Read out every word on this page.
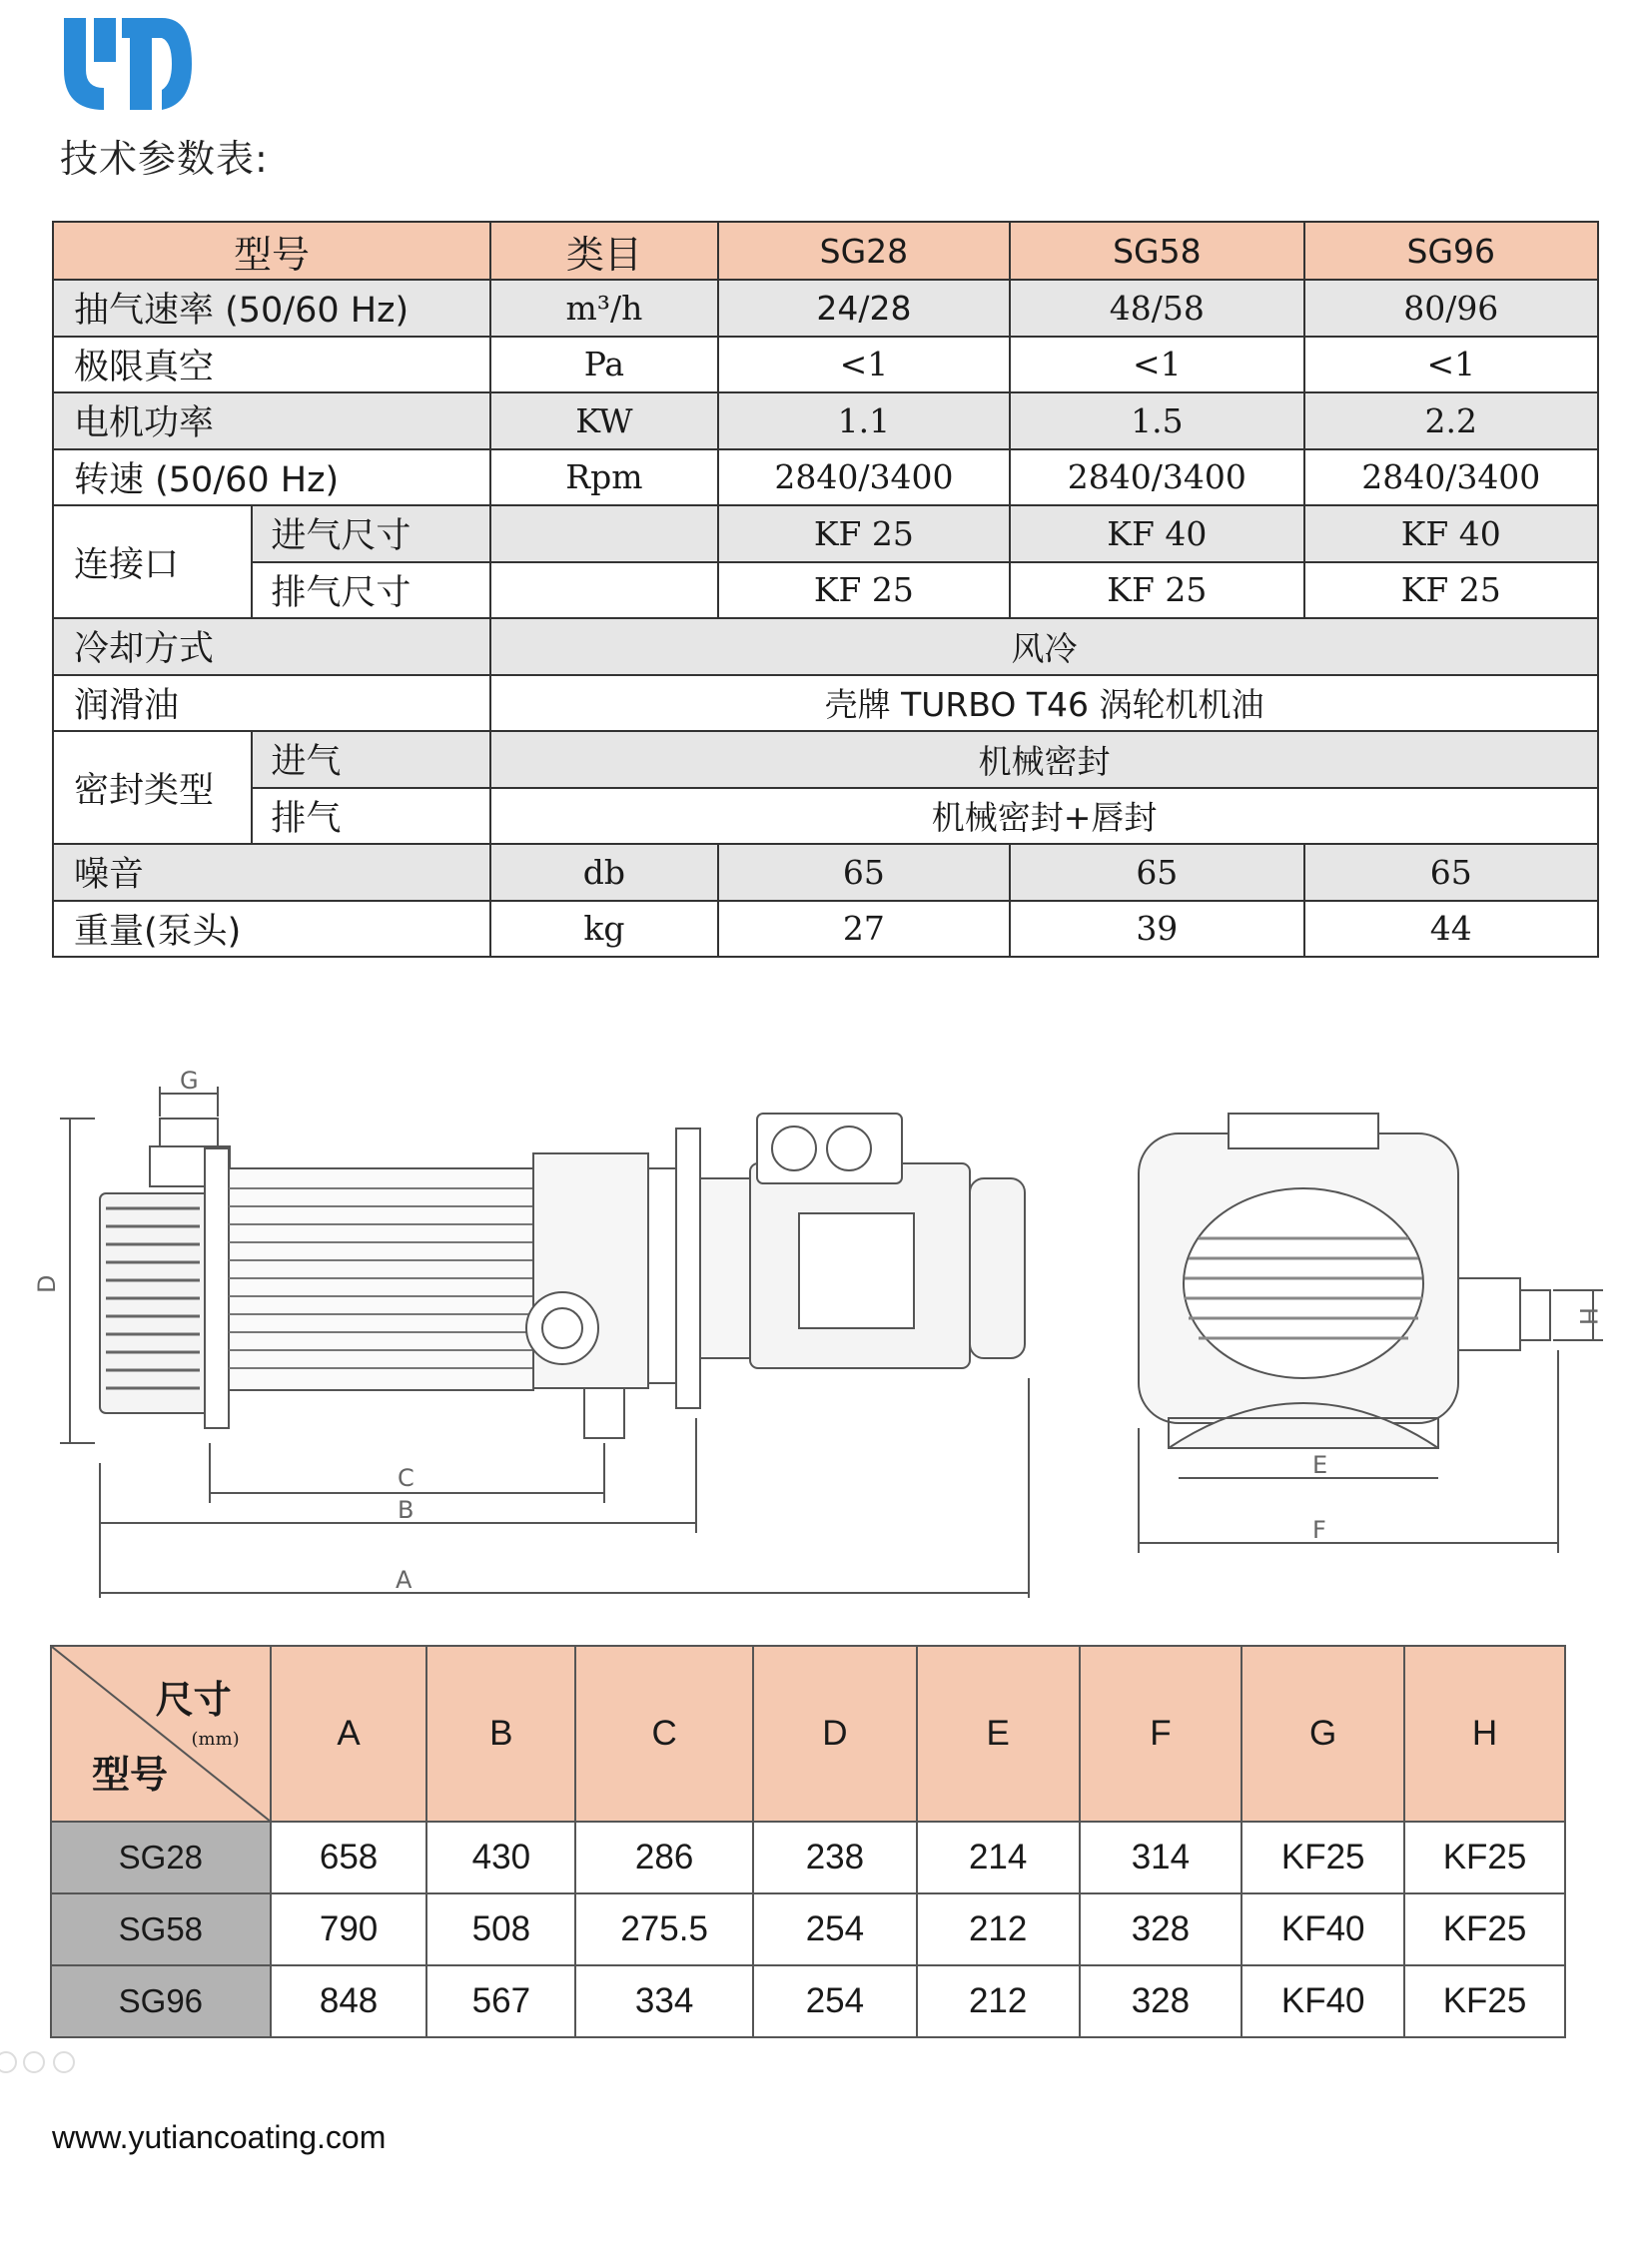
技术参数表:
型号		类目	SG28	SG58	SG96
抽气速率 (50/60 Hz)		m³/h	24/28	48/58	80/96
极限真空		Pa	<1	<1	<1
电机功率		KW	1.1	1.5	2.2
转速 (50/60 Hz)		Rpm	2840/3400	2840/3400	2840/3400
连接口	进气尺寸		KF 25	KF 40	KF 40
	排气尺寸		KF 25	KF 25	KF 25
冷却方式		风冷			
润滑油		壳牌 TURBO T46 涡轮机机油			
密封类型	进气	机械密封			
	排气	机械密封+唇封			
噪音		db	65	65	65
重量(泵头)		kg	27	39	44
G
D
C
B
A
E
F
H
尺寸
(mm)
型号	A	B	C	D	E	F	G	H
SG28	658	430	286	238	214	314	KF25	KF25
SG58	790	508	275.5	254	212	328	KF40	KF25
SG96	848	567	334	254	212	328	KF40	KF25
www.yutiancoating.com
